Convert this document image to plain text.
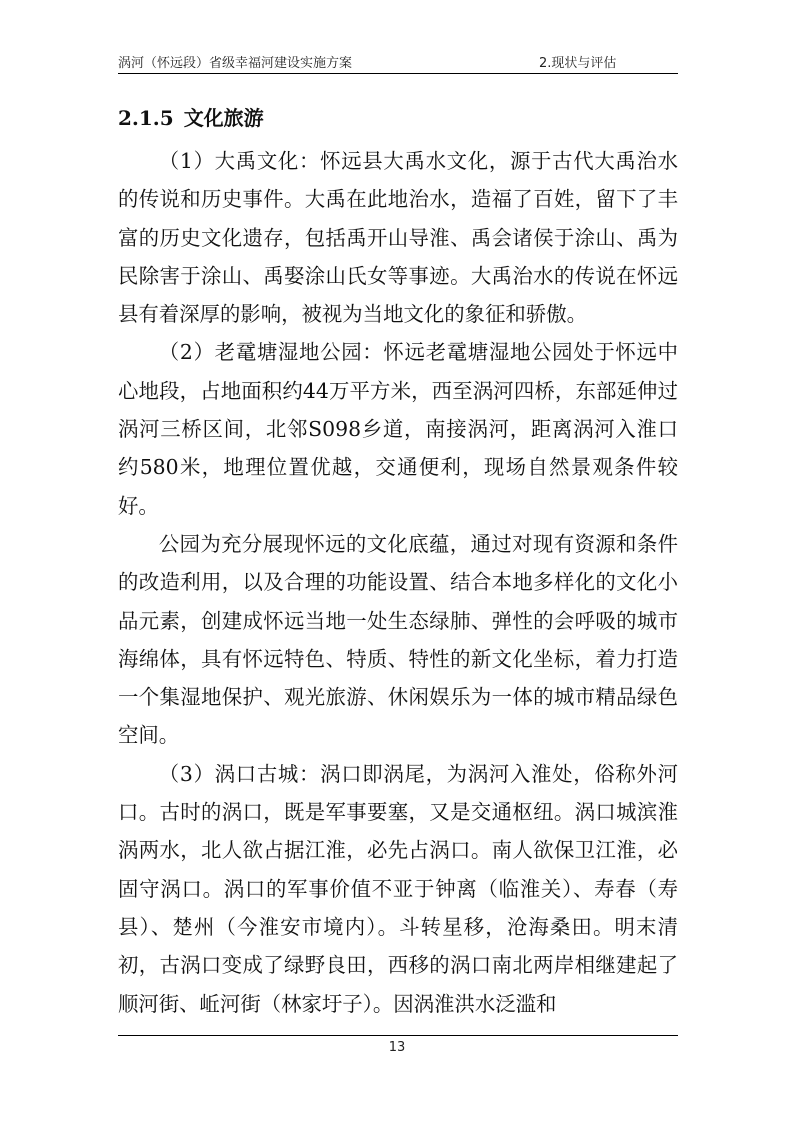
涡河（怀远段）省级幸福河建设实施方案	2.现状与评估
2.1.5 文化旅游

（1）大禹文化：怀远县大禹水文化，源于古代大禹治水的传说和历史事件。大禹在此地治水，造福了百姓，留下了丰富的历史文化遗存，包括禹开山导淮、禹会诸侯于涂山、禹为民除害于涂山、禹娶涂山氏女等事迹。大禹治水的传说在怀远县有着深厚的影响，被视为当地文化的象征和骄傲。

（2）老鼋塘湿地公园：怀远老鼋塘湿地公园处于怀远中心地段，占地面积约44万平方米，西至涡河四桥，东部延伸过涡河三桥区间，北邻S098乡道，南接涡河，距离涡河入淮口约580米，地理位置优越，交通便利，现场自然景观条件较好。

公园为充分展现怀远的文化底蕴，通过对现有资源和条件的改造利用，以及合理的功能设置、结合本地多样化的文化小品元素，创建成怀远当地一处生态绿肺、弹性的会呼吸的城市海绵体，具有怀远特色、特质、特性的新文化坐标，着力打造一个集湿地保护、观光旅游、休闲娱乐为一体的城市精品绿色空间。

（3）涡口古城：涡口即涡尾，为涡河入淮处，俗称外河口。古时的涡口，既是军事要塞，又是交通枢纽。涡口城滨淮涡两水，北人欲占据江淮，必先占涡口。南人欲保卫江淮，必固守涡口。涡口的军事价值不亚于钟离（临淮关）、寿春（寿县）、楚州（今淮安市境内）。斗转星移，沧海桑田。明末清初，古涡口变成了绿野良田，西移的涡口南北两岸相继建起了顺河街、岴河街（林家圩子）。因涡淮洪水泛滥和

13
